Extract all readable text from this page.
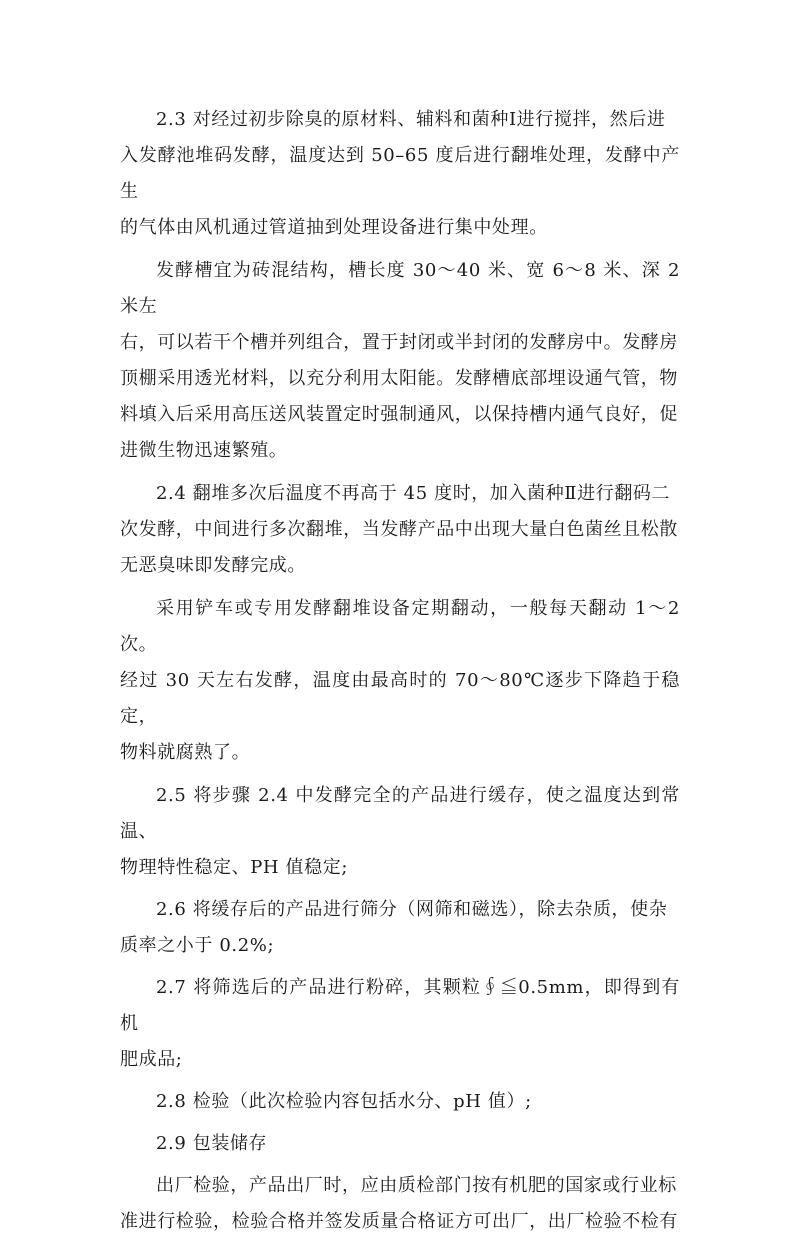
2.3 对经过初步除臭的原材料、辅料和菌种Ⅰ进行搅拌，然后进
入发酵池堆码发酵，温度达到 50–65 度后进行翻堆处理，发酵中产生
的气体由风机通过管道抽到处理设备进行集中处理。

发酵槽宜为砖混结构，槽长度 30～40 米、宽 6～8 米、深 2 米左
右，可以若干个槽并列组合，置于封闭或半封闭的发酵房中。发酵房
顶棚采用透光材料，以充分利用太阳能。发酵槽底部埋设通气管，物
料填入后采用高压送风装置定时强制通风，以保持槽内通气良好，促
进微生物迅速繁殖。

2.4 翻堆多次后温度不再高于 45 度时，加入菌种Ⅱ进行翻码二
次发酵，中间进行多次翻堆，当发酵产品中出现大量白色菌丝且松散
无恶臭味即发酵完成。

采用铲车或专用发酵翻堆设备定期翻动，一般每天翻动 1～2 次。
经过 30 天左右发酵，温度由最高时的 70～80℃逐步下降趋于稳定，
物料就腐熟了。

2.5 将步骤 2.4 中发酵完全的产品进行缓存，使之温度达到常温、
物理特性稳定、PH 值稳定;

2.6 将缓存后的产品进行筛分（网筛和磁选），除去杂质，使杂
质率之小于 0.2%;

2.7 将筛选后的产品进行粉碎，其颗粒∮≦0.5mm，即得到有机
肥成品;

2.8 检验（此次检验内容包括水分、pH 值）;

2.9 包装储存

出厂检验，产品出厂时，应由质检部门按有机肥的国家或行业标
准进行检验，检验合格并签发质量合格证方可出厂，出厂检验不检有
